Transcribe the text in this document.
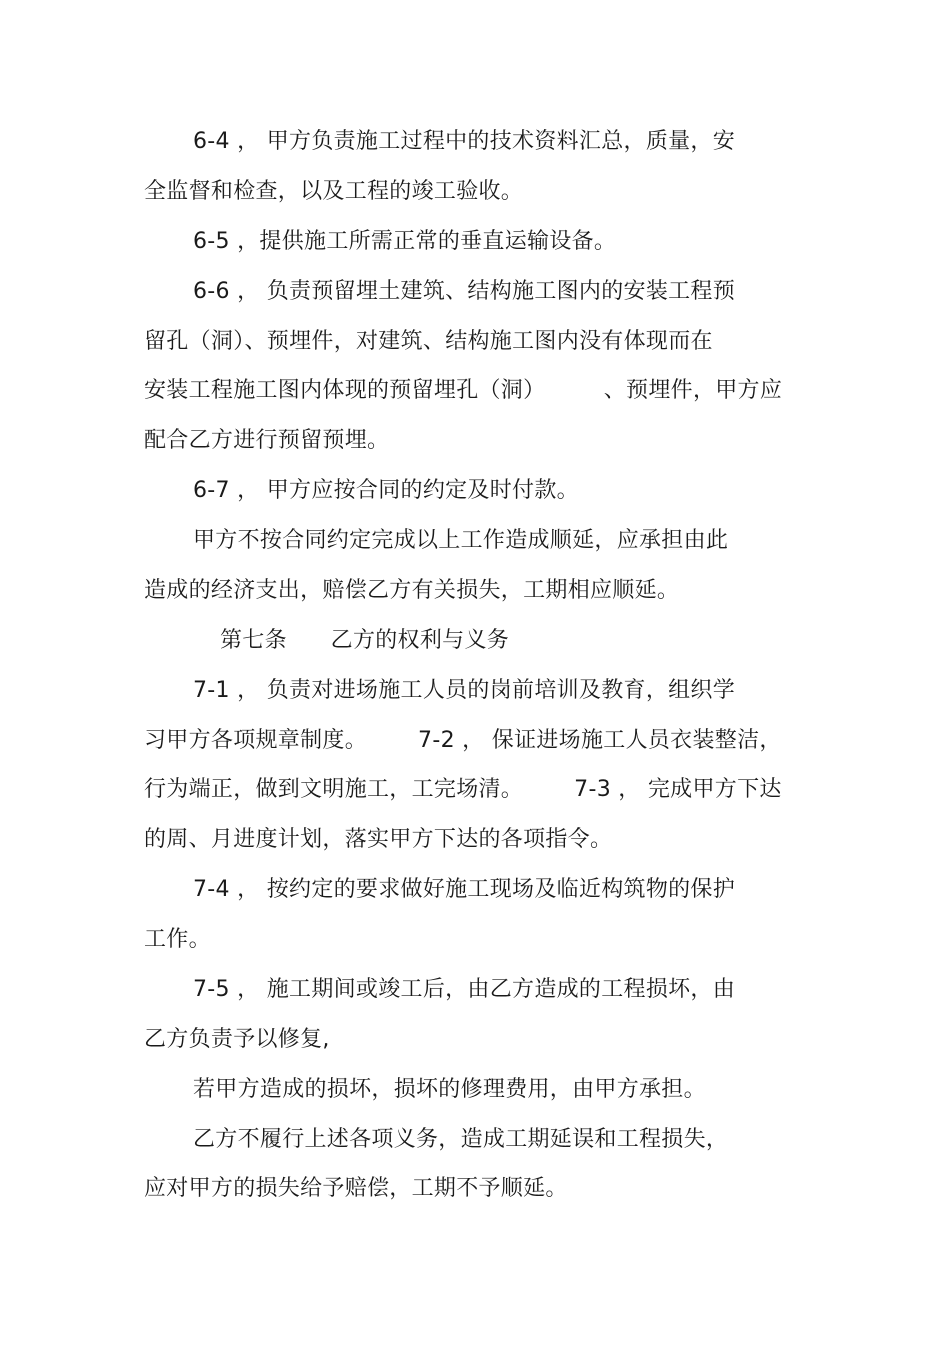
6-4 ， 甲方负责施工过程中的技术资料汇总，质量，安
全监督和检查，以及工程的竣工验收。
6-5 ，提供施工所需正常的垂直运输设备。
6-6 ， 负责预留埋土建筑、结构施工图内的安装工程预
留孔（洞）、预埋件，对建筑、结构施工图内没有体现而在
安装工程施工图内体现的预留埋孔（洞）        、预埋件，甲方应
配合乙方进行预留预埋。
6-7 ， 甲方应按合同的约定及时付款。
甲方不按合同约定完成以上工作造成顺延，应承担由此
造成的经济支出，赔偿乙方有关损失，工期相应顺延。
第七条      乙方的权利与义务
7-1 ， 负责对进场施工人员的岗前培训及教育，组织学
习甲方各项规章制度。       7-2 ， 保证进场施工人员衣装整洁，
行为端正，做到文明施工，工完场清。       7-3 ， 完成甲方下达
的周、月进度计划，落实甲方下达的各项指令。
7-4 ， 按约定的要求做好施工现场及临近构筑物的保护
工作。
7-5 ， 施工期间或竣工后，由乙方造成的工程损坏，由
乙方负责予以修复,
若甲方造成的损坏，损坏的修理费用，由甲方承担。
乙方不履行上述各项义务，造成工期延误和工程损失，
应对甲方的损失给予赔偿，工期不予顺延。
